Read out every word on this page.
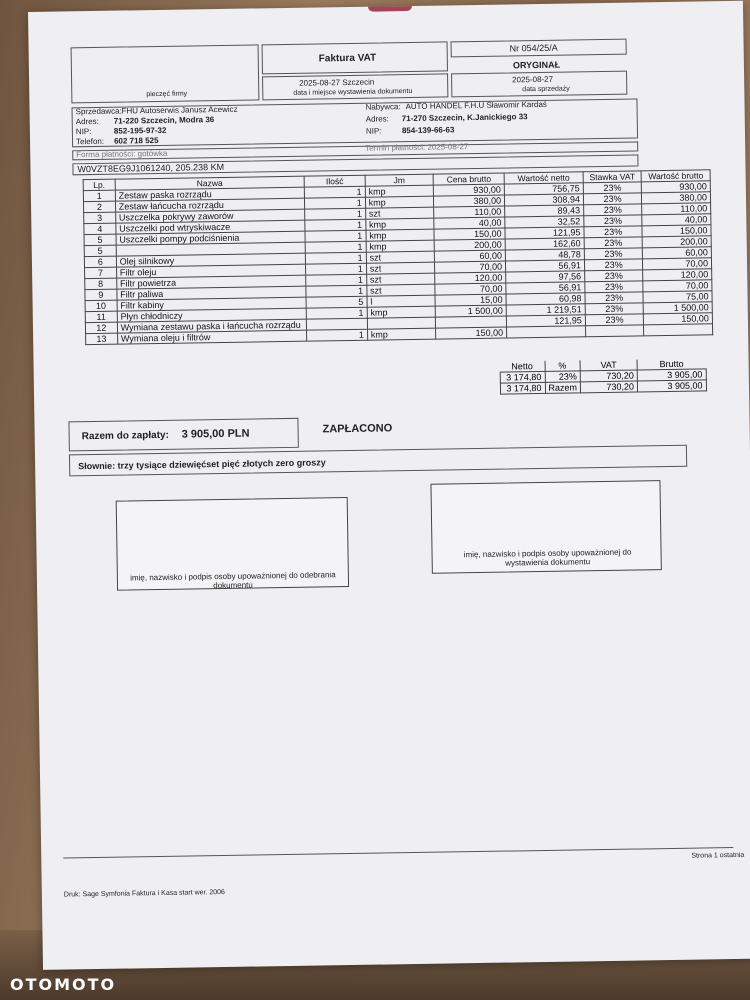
pieczęć firmy
Faktura VAT
2025-08-27 Szczecin
data i miejsce wystawienia dokumentu
Nr 054/25/A
ORYGINAŁ
2025-08-27
data sprzedaży
Sprzedawca: FHU Autoserwis Janusz Acewicz
Adres: 71-220 Szczecin, Modra 36
NIP:	852-195-97-32
Telefon: 602 718 525
Nabywca: AUTO HANDEL F.H.U Sławomir Kardaś
Adres: 71-270 Szczecin, K.Janickiego 33
NIP:	854-139-66-63
Forma płatności: gotówka
Termin płatności: 2025-08-27
W0VZT8EG9J1061240, 205.238 KM
Lp.	Nazwa	Ilość	Jm	Cena brutto	Wartość netto	Stawka VAT	Wartość brutto
1	Zestaw paska rozrządu	1	kmp	930,00	756,75	23%	930,00
2	Zestaw łańcucha rozrządu	1	kmp	380,00	308,94	23%	380,00
3	Uszczelka pokrywy zaworów	1	szt	110,00	89,43	23%	110,00
4	Uszczelki pod wtryskiwacze	1	kmp	40,00	32,52	23%	40,00
5	Uszczelki pompy podciśnienia	1	kmp	150,00	121,95	23%	150,00
5		1	kmp	200,00	162,60	23%	200,00
6	Olej silnikowy	1	szt	60,00	48,78	23%	60,00
7	Filtr oleju	1	szt	70,00	56,91	23%	70,00
8	Filtr powietrza	1	szt	120,00	97,56	23%	120,00
9	Filtr paliwa	1	szt	70,00	56,91	23%	70,00
10	Filtr kabiny	5	l	15,00	60,98	23%	75,00
11	Płyn chłodniczy	1	kmp	1 500,00	1 219,51	23%	1 500,00
12	Wymiana zestawu paska i łańcucha rozrządu				121,95	23%	150,00
13	Wymiana oleju i filtrów	1	kmp	150,00			
Netto	%	VAT	Brutto
3 174,80	23%	730,20	3 905,00
3 174,80	Razem	730,20	3 905,00
Razem do zapłaty: 3 905,00 PLN	ZAPŁACONO
Słownie: trzy tysiące dziewięćset pięć złotych zero groszy
imię, nazwisko i podpis osoby upoważnionej do odebrania dokumentu
imię, nazwisko i podpis osoby upoważnionej do wystawienia dokumentu
Strona 1 ostatnia
Druk: Sage Symfonia Faktura i Kasa start wer. 2006
OTOMOTO
